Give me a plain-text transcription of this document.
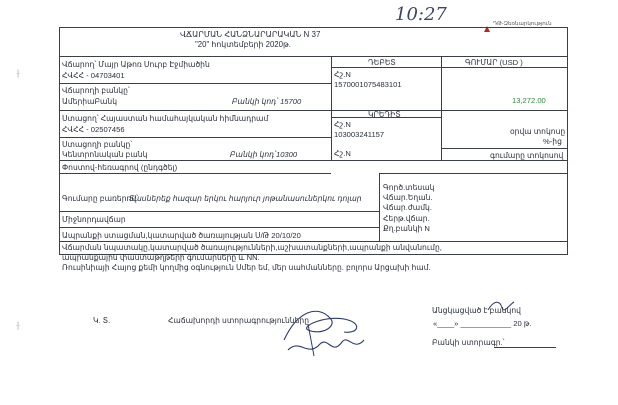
10:27	ԴԹ-Զեռնարկություն
ՎՃԱՐՄԱՆ ՀԱՆՁՆԱՐԱՐԱԿԱՆ N 37
"20" հոկտեմբերի 2020թ.
Վճարող՝ Մայր Աթոռ Սուրբ Էջմիածին
ՀՎՀՀ - 04703401
Վճարողի բանկը՝
ԱմերիաԲանկ	Բանկի կոդ՝ 15700
ԴԵԲԵՏ
Հշ.N
1570001075483101
ԳՈՒՄԱՐ (USD )
13,272.00
Ստացող՝ Հայաստան համահայկական հիմնադրամ
ՀՎՀՀ - 02507456
Ստացողի բանկը՝
Կենտրոնական բանկ	Բանկի կոդ՝10300
ԿՐԵԴԻՏ
Հշ.N
103003241157
Հշ.N
օրվա տոկոսը
%-ից
գումարը տոկոսով
Փոստով-հեռագրով (ընդգծել)
Գումարը բառերով՝
Տասներեք հազար երկու հարյուր յոթանասուներկու դոլար
Գործ.տեսակ
Վճար.Եղան.
Վճար.ժամկ.
Հերթ.վճար.
Քղ.բանկի N
Միջնորդավճար
Ապրանքի ստացման,կատարված ծառայության Ս/Թ 20/10/20
Վճարման նպատակը,կատարված ծառայությունների,աշխատանքների,ապրանքի անվանումը,
ապրանքային փաստաթղթերի գումարները և NN.
Ռուսինիայի Հայոց քեմի կողմից օգնություն Սմեր եմ, մեր սահմանները. բոլորս Արցախի համ.
Կ. Տ.	Հաճախորդի ստորագրությունները
Անցկացված է բանկով
«____» ____________ 20 թ.
Բանկի ստորագր.՝
╂
╂
